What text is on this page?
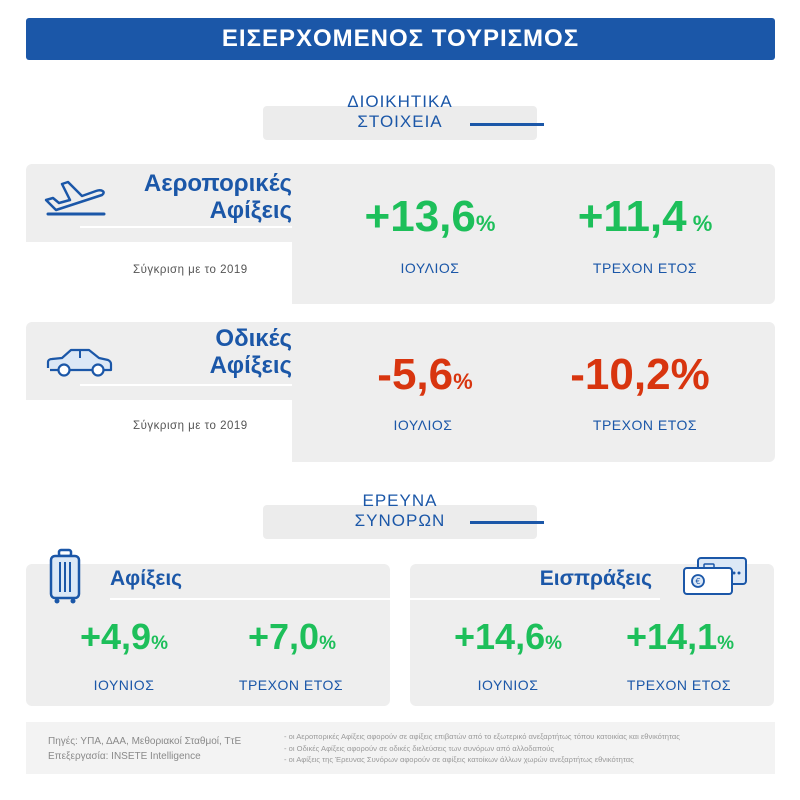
ΕΙΣΕΡΧΟΜΕΝΟΣ ΤΟΥΡΙΣΜΟΣ
ΔΙΟΙΚΗΤΙΚΑ
ΣΤΟΙΧΕΙΑ
Αεροπορικές
Αφίξεις
Σύγκριση με το 2019
+13,6%
ΙΟΥΛΙΟΣ
+11,4 %
ΤΡΕΧΟΝ ΕΤΟΣ
Οδικές
Αφίξεις
Σύγκριση με το 2019
-5,6%
ΙΟΥΛΙΟΣ
-10,2%
ΤΡΕΧΟΝ ΕΤΟΣ
ΕΡΕΥΝΑ
ΣΥΝΟΡΩΝ
Αφίξεις
+4,9%
ΙΟΥΝΙΟΣ
+7,0%
ΤΡΕΧΟΝ ΕΤΟΣ
Εισπράξεις	€
+14,6%
ΙΟΥΝΙΟΣ
+14,1%
ΤΡΕΧΟΝ ΕΤΟΣ
Πηγές: ΥΠΑ, ΔΑΑ, Μεθοριακοί Σταθμοί, ΤτΕ
Επεξεργασία: INSETE Intelligence
- οι Αεροπορικές Αφίξεις αφορούν σε αφίξεις επιβατών από το εξωτερικό ανεξαρτήτως τόπου κατοικίας και εθνικότητας
- οι Οδικές Αφίξεις αφορούν σε οδικές διελεύσεις των συνόρων από αλλοδαπούς
- οι Αφίξεις της Έρευνας Συνόρων αφορούν σε αφίξεις κατοίκων άλλων χωρών ανεξαρτήτως εθνικότητας
